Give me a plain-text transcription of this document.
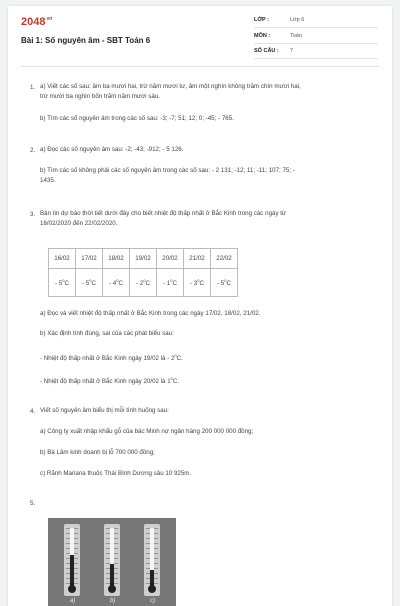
$2048^{vn}$
Bài 1: Số nguyên âm - SBT Toán 6
LỚP :	Lớp 6
MÔN :	Toán
SỐ CÂU : 7
1. a) Viết các số sau: âm ba mươi hai, trừ năm mươi tư, âm một nghìn không trăm chín mươi hai,
trừ mười ba nghìn bốn trăm năm mươi sáu.
b) Tìm các số nguyên âm trong các số sau: -3; -7; 51; 12; 0; -45; - 765.
2. a) Đọc các số nguyên âm sau: -2; -43; -912; - 5 126.
b) Tìm các số không phải các số nguyên âm trong các số sau: - 2 131; -12; 11; -11; 107; 75; -
1435.
3. Bản tin dự báo thời tiết dưới đây cho biết nhiệt độ thấp nhất ở Bắc Kinh trong các ngày từ
16/02/2020 đến 22/02/2020.
16/02	17/02	18/02	19/02	20/02	21/02	22/02
- $5^0C$	- $5^0C$	- $4^0C$	- $2^0C$	- $1^0C$	- $3^0C$	- $5^0C$
a) Đọc và viết nhiệt độ thấp nhất ở Bắc Kinh trong các ngày 17/02, 18/02, 21/02.
b) Xác định tính đúng, sai của các phát biểu sau:
- Nhiệt độ thấp nhất ở Bắc Kinh ngày 19/02 là - $2^0C$.
- Nhiệt độ thấp nhất ở Bắc Kinh ngày 20/02 là $1^0C$.
4. Viết số nguyên âm biểu thị mỗi tình huống sau:
a) Công ty xuất nhập khẩu gỗ của bác Minh nợ ngân hàng 200 000 000 đồng;
b) Bà Lâm kinh doanh bị lỗ 700 000 đồng;
c) Rãnh Mariana thuộc Thái Bình Dương sâu 10 925m.
5.
a)	b)	c)
